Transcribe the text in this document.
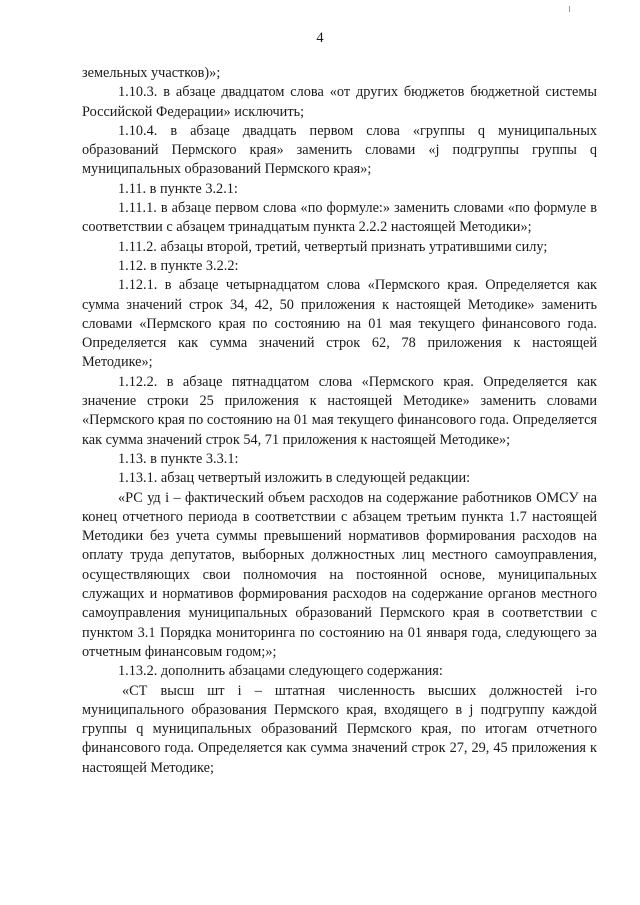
4

земельных участков)»;

1.10.3. в абзаце двадцатом слова «от других бюджетов бюджетной системы Российской Федерации» исключить;

1.10.4. в абзаце двадцать первом слова «группы q муниципальных образований Пермского края» заменить словами «j подгруппы группы q муниципальных образований Пермского края»;

1.11. в пункте 3.2.1:

1.11.1. в абзаце первом слова «по формуле:» заменить словами «по формуле в соответствии с абзацем тринадцатым пункта 2.2.2 настоящей Методики»;

1.11.2. абзацы второй, третий, четвертый признать утратившими силу;

1.12. в пункте 3.2.2:

1.12.1. в абзаце четырнадцатом слова «Пермского края. Определяется как сумма значений строк 34, 42, 50 приложения к настоящей Методике» заменить словами «Пермского края по состоянию на 01 мая текущего финансового года. Определяется как сумма значений строк 62, 78 приложения к настоящей Методике»;

1.12.2. в абзаце пятнадцатом слова «Пермского края. Определяется как значение строки 25 приложения к настоящей Методике» заменить словами «Пермского края по состоянию на 01 мая текущего финансового года. Определяется как сумма значений строк 54, 71 приложения к настоящей Методике»;

1.13. в пункте 3.3.1:

1.13.1. абзац четвертый изложить в следующей редакции:

«РС уд i – фактический объем расходов на содержание работников ОМСУ на конец отчетного периода в соответствии с абзацем третьим пункта 1.7 настоящей Методики без учета суммы превышений нормативов формирования расходов на оплату труда депутатов, выборных должностных лиц местного самоуправления, осуществляющих свои полномочия на постоянной основе, муниципальных служащих и нормативов формирования расходов на содержание органов местного самоуправления муниципальных образований Пермского края в соответствии с пунктом 3.1 Порядка мониторинга по состоянию на 01 января года, следующего за отчетным финансовым годом;»;

1.13.2. дополнить абзацами следующего содержания:

«СТ высш шт i – штатная численность высших должностей i-го муниципального образования Пермского края, входящего в j подгруппу каждой группы q муниципальных образований Пермского края, по итогам отчетного финансового года. Определяется как сумма значений строк 27, 29, 45 приложения к настоящей Методике;
